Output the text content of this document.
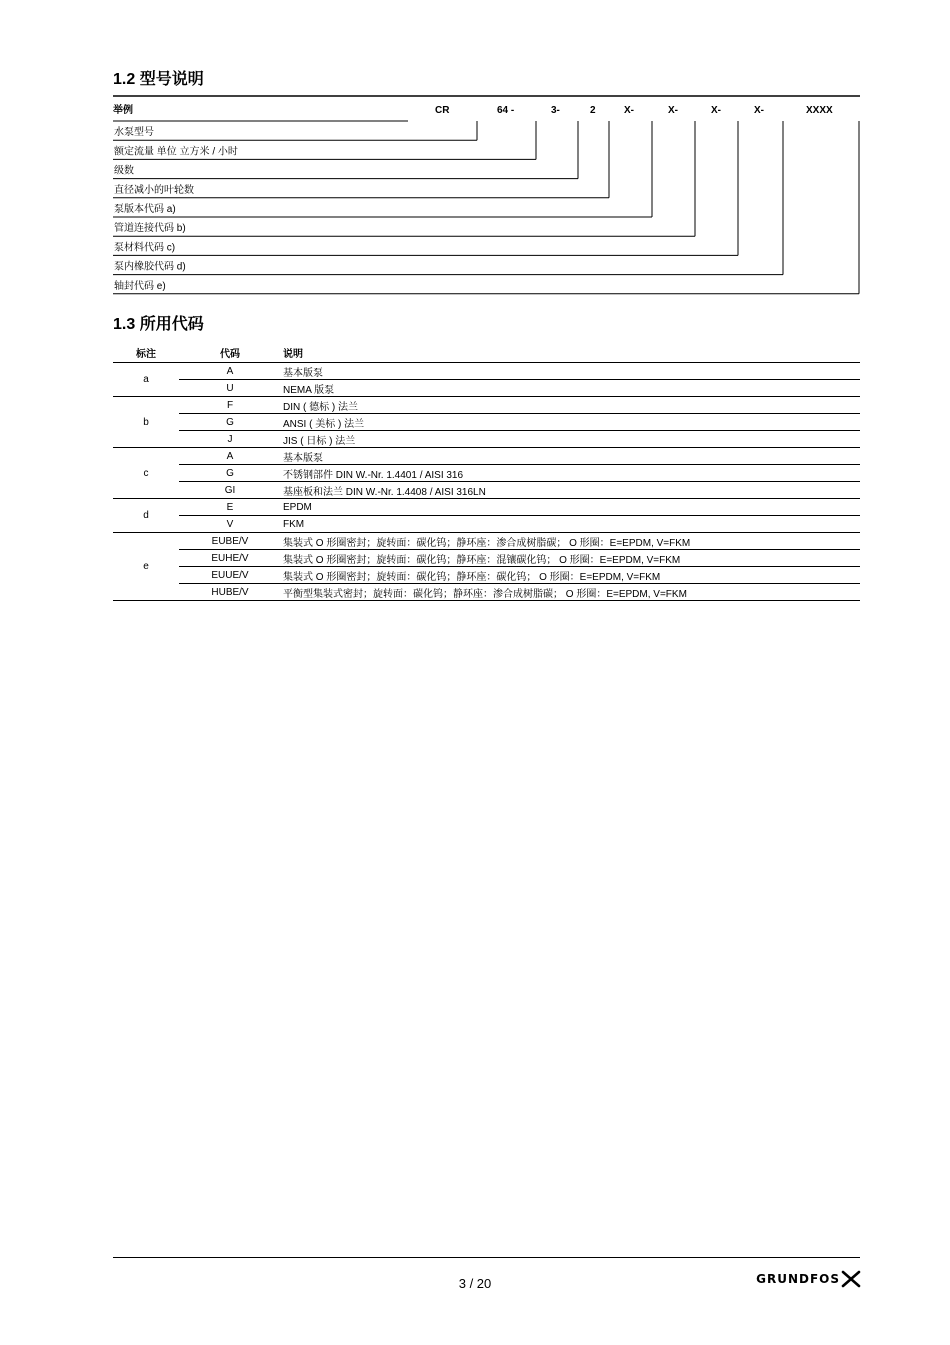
1.2 型号说明
举例	CR	64 -	3-	2	X-	X-	X-	X-	XXXX
水泵型号
额定流量 单位 立方米 / 小时
级数
直径减小的叶轮数
泵版本代码 a)
管道连接代码 b)
泵材料代码 c)
泵内橡胶代码 d)
轴封代码 e)
1.3 所用代码
标注	代码	说明
a	A	基本版泵
	U	NEMA 版泵
b	F	DIN ( 德标 ) 法兰
	G	ANSI ( 美标 ) 法兰
	J	JIS ( 日标 ) 法兰
c	A	基本版泵
	G	不锈钢部件 DIN W.-Nr. 1.4401 / AISI 316
	GI	基座板和法兰 DIN W.-Nr. 1.4408 / AISI 316LN
d	E	EPDM
	V	FKM
e	EUBE/V	集装式 O 形圈密封；旋转面：碳化钨；静环座：渗合成树脂碳； O 形圈：E=EPDM, V=FKM
	EUHE/V	集装式 O 形圈密封；旋转面：碳化钨；静环座：混镶碳化钨； O 形圈：E=EPDM, V=FKM
	EUUE/V	集装式 O 形圈密封；旋转面：碳化钨；静环座：碳化钨； O 形圈：E=EPDM, V=FKM
	HUBE/V	平衡型集装式密封；旋转面：碳化钨；静环座：渗合成树脂碳； O 形圈：E=EPDM, V=FKM
3 / 20	GRUNDFOS
